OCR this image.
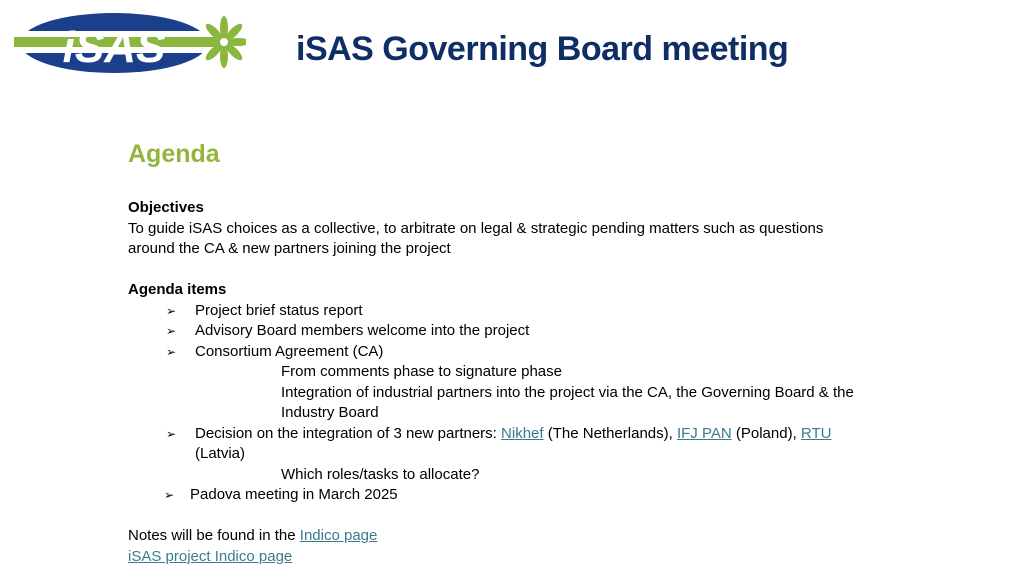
iSAS	iSAS Governing Board meeting
Agenda
Objectives
To guide iSAS choices as a collective, to arbitrate on legal & strategic pending matters such as questions
around the CA & new partners joining the project
Agenda items
➢ Project brief status report
➢ Advisory Board members welcome into the project
➢ Consortium Agreement (CA)
From comments phase to signature phase
Integration of industrial partners into the project via the CA, the Governing Board & the
Industry Board
➢ Decision on the integration of 3 new partners: Nikhef (The Netherlands), IFJ PAN (Poland), RTU
(Latvia)
Which roles/tasks to allocate?
➢ Padova meeting in March 2025
Notes will be found in the Indico page
iSAS project Indico page
